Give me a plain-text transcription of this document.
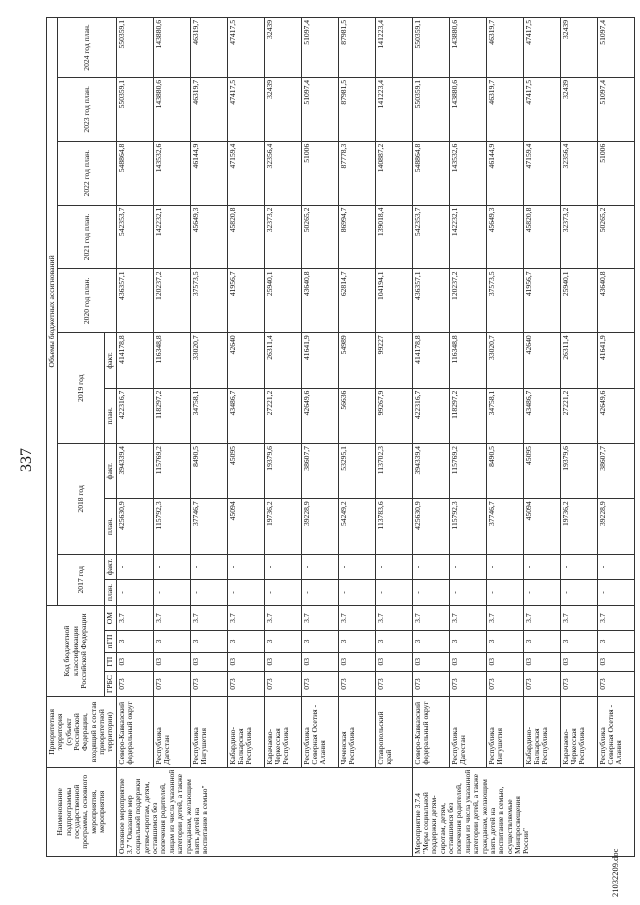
337
Наименование подпрограммы государственной программы, основного мероприятия, мероприятия	Приоритетная территория (субъект Российской Федерации, входящий в состав приоритетной территории)	Код бюджетной классификации Российской Федерации				Объемы бюджетных ассигнований										
						2017 год		2018 год		2019 год		2020 год план.	2021 год план.	2022 год план.	2023 год план.	2024 год план.
		ГРБС	ГП	пГП	ОМ	план.	факт.	план.	факт.	план.	факт.					
Основное мероприятие 3.7 "Оказание мер социальной поддержки детям-сиротам, детям, оставшимся без попечения родителей, лицам из числа указанной категории детей, а также гражданам, желающим взять детей на воспитание в семью"	Северо-Кавказский федеральный округ	073	03	3	3.7	-	-	425630,9	394339,4	422316,7	414178,8	436357,1	542353,7	548864,8	550359,1	550359,1
	Республика Дагестан	073	03	3	3.7	-	-	115792,3	115769,2	118297,2	116348,8	120237,2	142232,1	143532,6	143880,6	143880,6
	Республика Ингушетия	073	03	3	3.7	-	-	37746,7	8490,5	34758,1	33020,7	37573,5	45649,3	46144,9	46319,7	46319,7
	Кабардино-Балкарская Республика	073	03	3	3.7	-	-	45094	45095	43486,7	42640	41956,7	45820,8	47159,4	47417,5	47417,5
	Карачаево-Черкесская Республика	073	03	3	3.7	-	-	19736,2	19379,6	27221,2	26311,4	25940,1	32373,2	32356,4	32439	32439
	Республика Северная Осетия - Алания	073	03	3	3.7	-	-	39228,9	38607,7	42649,6	41641,9	43640,8	50265,2	51006	51097,4	51097,4
	Чеченская Республика	073	03	3	3.7	-	-	54249,2	53295,1	56636	54989	62814,7	86994,7	87778,3	87981,5	87981,5
	Ставропольский край	073	03	3	3.7	-	-	113783,6	113702,3	99267,9	99227	104194,1	139018,4	140887,2	141223,4	141223,4
Мероприятие 3.7.4 "Меры социальной поддержки детям-сиротам, детям, оставшимся без попечения родителей, лицам из числа указанной категории детей, а также гражданам, желающим взять детей на воспитание в семью, осуществляемые Минпросвещения России"	Северо-Кавказский федеральный округ	073	03	3	3.7	-	-	425630,9	394339,4	422316,7	414178,8	436357,1	542353,7	548864,8	550359,1	550359,1
	Республика Дагестан	073	03	3	3.7	-	-	115792,3	115769,2	118297,2	116348,8	120237,2	142232,1	143532,6	143880,6	143880,6
	Республика Ингушетия	073	03	3	3.7	-	-	37746,7	8490,5	34758,1	33020,7	37573,5	45649,3	46144,9	46319,7	46319,7
	Кабардино-Балкарская Республика	073	03	3	3.7	-	-	45094	45095	43486,7	42640	41956,7	45820,8	47159,4	47417,5	47417,5
	Карачаево-Черкесская Республика	073	03	3	3.7	-	-	19736,2	19379,6	27221,2	26311,4	25940,1	32373,2	32356,4	32439	32439
	Республика Северная Осетия - Алания	073	03	3	3.7	-	-	39228,9	38607,7	42649,6	41641,9	43640,8	50265,2	51006	51097,4	51097,4
21032209.doc
